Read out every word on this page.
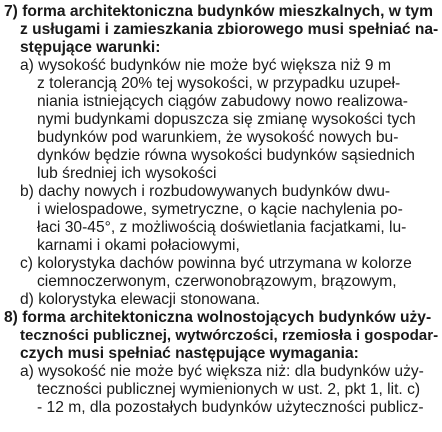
7) forma architektoniczna budynków mieszkalnych, w tym
z usługami i zamieszkania zbiorowego musi spełniać na-
stępujące warunki:
a) wysokość budynków nie może być większa niż 9 m
z tolerancją 20% tej wysokości, w przypadku uzupeł-
niania istniejących ciągów zabudowy nowo realizowa-
nymi budynkami dopuszcza się zmianę wysokości tych
budynków pod warunkiem, że wysokość nowych bu-
dynków będzie równa wysokości budynków sąsiednich
lub średniej ich wysokości
b) dachy nowych i rozbudowywanych budynków dwu-
i wielospadowe, symetryczne, o kącie nachylenia po-
łaci 30-45°, z możliwością doświetlania facjatkami, lu-
karnami i okami połaciowymi,
c) kolorystyka dachów powinna być utrzymana w kolorze
ciemnoczerwonym, czerwonobrązowym, brązowym,
d) kolorystyka elewacji stonowana.
8) forma architektoniczna wolnostojących budynków uży-
teczności publicznej, wytwórczości, rzemiosła i gospodar-
czych musi spełniać następujące wymagania:
a) wysokość nie może być większa niż: dla budynków uży-
teczności publicznej wymienionych w ust. 2, pkt 1, lit. c)
- 12 m, dla pozostałych budynków użyteczności publicz-
